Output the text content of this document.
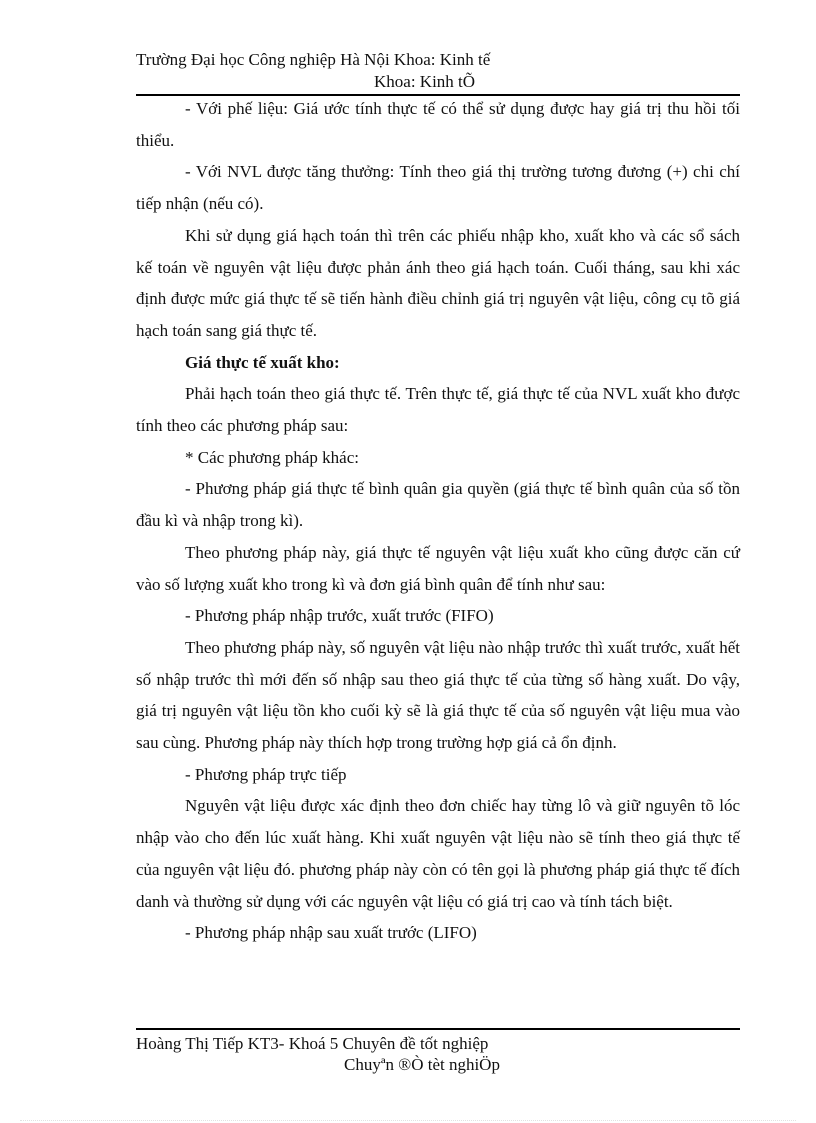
Trường Đại học Công nghiệp Hà Nội Khoa: Kinh tế
Khoa: Kinh tÕ

- Với phế liệu: Giá ước tính thực tế có thể sử dụng được hay giá trị thu hồi tối thiểu.

- Với NVL được tăng thưởng: Tính theo giá thị trường tương đương (+) chi chí tiếp nhận (nếu có).

Khi sử dụng giá hạch toán thì trên các phiếu nhập kho, xuất kho và các sổ sách kế toán về nguyên vật liệu được phản ánh theo giá hạch toán. Cuối tháng, sau khi xác định được mức giá thực tế sẽ tiến hành điều chỉnh giá trị nguyên vật liệu, công cụ tõ giá hạch toán sang giá thực tế.

Giá thực tế xuất kho:

Phải hạch toán theo giá thực tế. Trên thực tế, giá thực tế của NVL xuất kho được tính theo các phương pháp sau:

* Các phương pháp khác:

- Phương pháp giá thực tế bình quân gia quyền (giá thực tế bình quân của số tồn đầu kì và nhập trong kì).

Theo phương pháp này, giá thực tế nguyên vật liệu xuất kho cũng được căn cứ vào số lượng xuất kho trong kì và đơn giá bình quân để tính như sau:

- Phương pháp nhập trước, xuất trước (FIFO)

Theo phương pháp này, số nguyên vật liệu nào nhập trước thì xuất trước, xuất hết số nhập trước thì mới đến số nhập sau theo giá thực tế của từng số hàng xuất. Do vậy, giá trị nguyên vật liệu tồn kho cuối kỳ sẽ là giá thực tế của số nguyên vật liệu mua vào sau cùng. Phương pháp này thích hợp trong trường hợp giá cả ổn định.

- Phương pháp trực tiếp

Nguyên vật liệu được xác định theo đơn chiếc hay từng lô và giữ nguyên tõ lóc nhập vào cho đến lúc xuất hàng. Khi xuất nguyên vật liệu nào sẽ tính theo giá thực tế của nguyên vật liệu đó. phương pháp này còn có tên gọi là phương pháp giá thực tế đích danh và thường sử dụng với các nguyên vật liệu có giá trị cao và tính tách biệt.

- Phương pháp nhập sau xuất trước (LIFO)

Hoàng Thị Tiếp KT3- Khoá 5 Chuyên đề tốt nghiệp
Chuyªn ®Ò tèt nghiÖp
